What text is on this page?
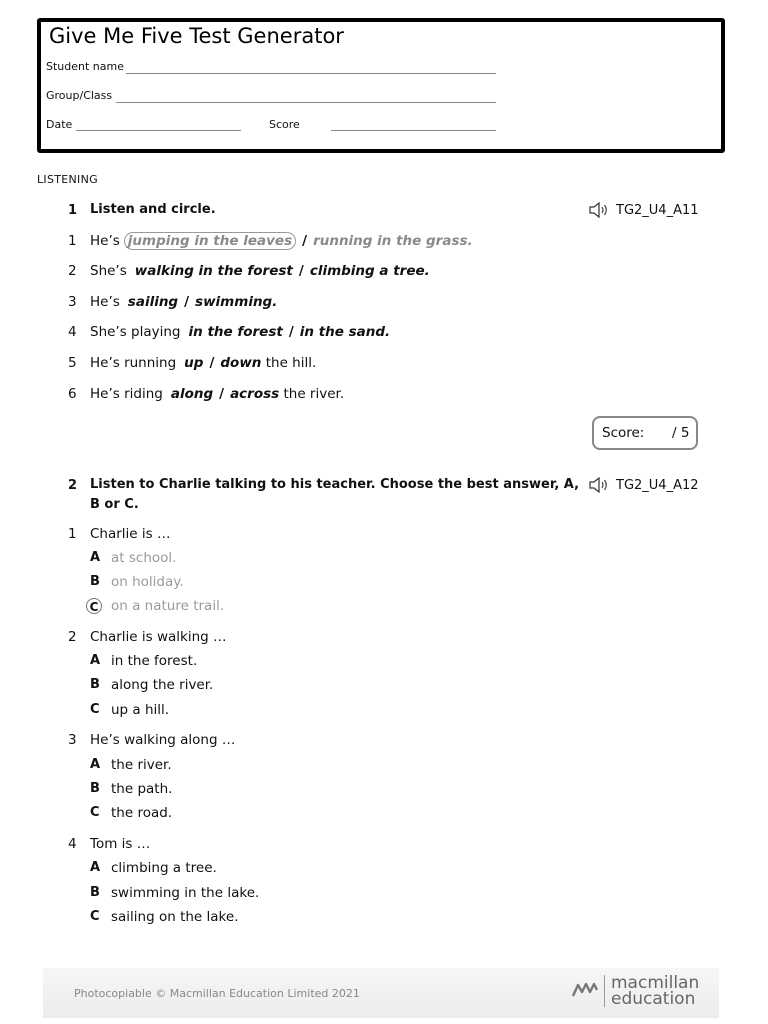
Give Me Five Test Generator
Student name
Group/Class
Date	Score
LISTENING
1 Listen and circle.	TG2_U4_A11
1 He’s jumping in the leaves / running in the grass.
2 She’s walking in the forest / climbing a tree.
3 He’s sailing / swimming.
4 She’s playing in the forest / in the sand.
5 He’s running up / down the hill.
6 He’s riding along / across the river.
Score: / 5
2 Listen to Charlie talking to his teacher. Choose the best answer, A,
B or C.
TG2_U4_A12
1 Charlie is …
A at school.
B on holiday.
C on a nature trail.
2 Charlie is walking …
A in the forest.
B along the river.
C up a hill.
3 He’s walking along …
A the river.
B the path.
C the road.
4 Tom is …
A climbing a tree.
B swimming in the lake.
C sailing on the lake.
Photocopiable © Macmillan Education Limited 2021
macmillan
education
